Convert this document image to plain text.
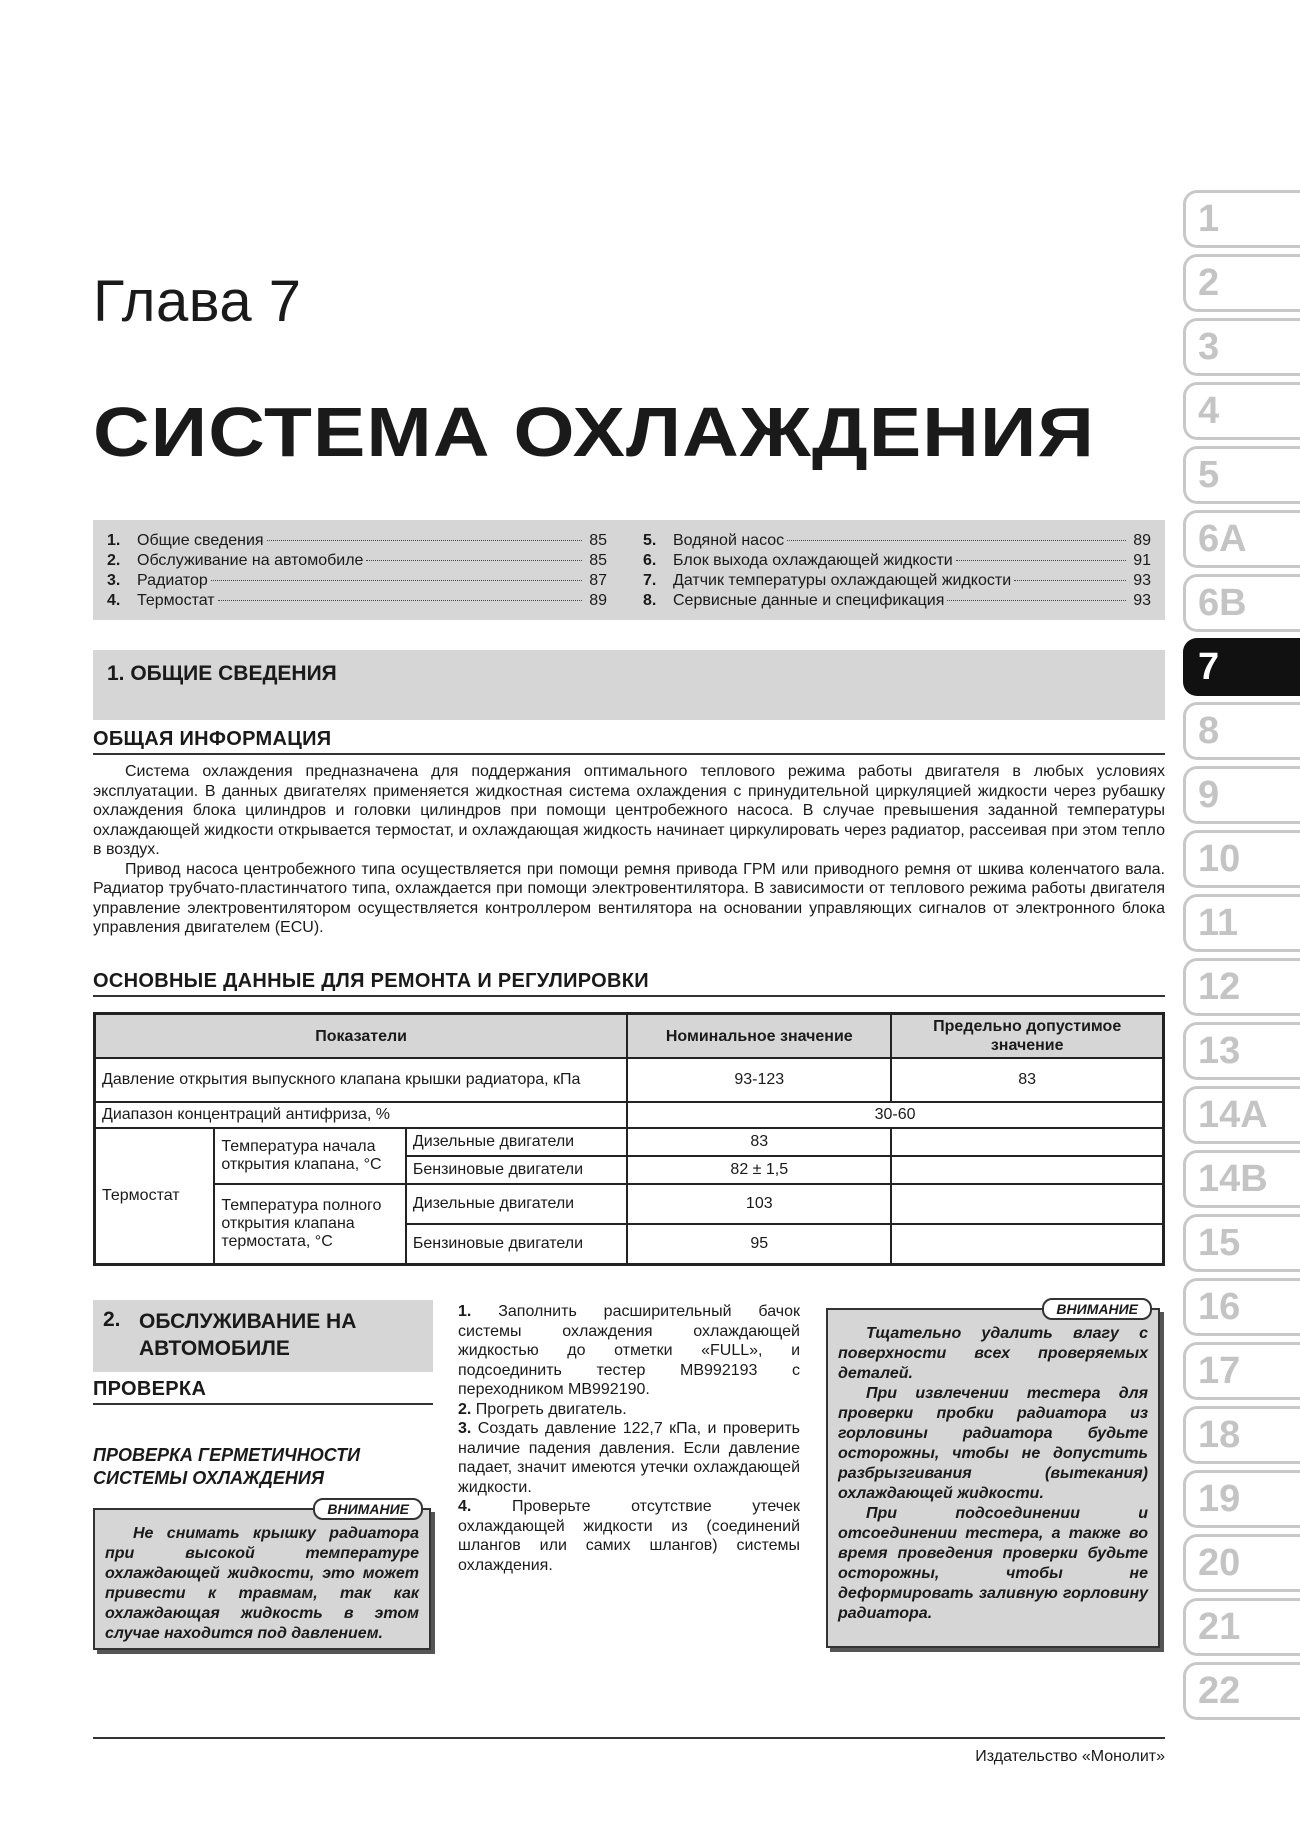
Глава 7
СИСТЕМА ОХЛАЖДЕНИЯ
1.	Общие сведения	85
2.	Обслуживание на автомобиле	85
3.	Радиатор	87
4.	Термостат	89
5.	Водяной насос	89
6.	Блок выхода охлаждающей жидкости	91
7.	Датчик температуры охлаждающей жидкости	93
8.	Сервисные данные и спецификация	93
1. ОБЩИЕ СВЕДЕНИЯ
ОБЩАЯ ИНФОРМАЦИЯ

Система охлаждения предназначена для поддержания оптимального теплового режима работы двигателя в любых условиях эксплуатации. В данных двигателях применяется жидкостная система охлаждения с принудительной циркуляцией жидкости через рубашку охлаждения блока цилиндров и головки цилиндров при помощи центробежного насоса. В случае превышения заданной температуры охлаждающей жидкости открывается термостат, и охлаждающая жидкость начинает циркулировать через радиатор, рассеивая при этом тепло в воздух.

Привод насоса центробежного типа осуществляется при помощи ремня привода ГРМ или приводного ремня от шкива коленчатого вала. Радиатор трубчато-пластинчатого типа, охлаждается при помощи электровентилятора. В зависимости от теплового режима работы двигателя управление электровентилятором осуществляется контроллером вентилятора на основании управляющих сигналов от электронного блока управления двигателем (ECU).

ОСНОВНЫЕ ДАННЫЕ ДЛЯ РЕМОНТА И РЕГУЛИРОВКИ
Показатели			Номинальное значение	Предельно допустимое значение
Давление открытия выпускного клапана крышки радиатора, кПа			93-123	83
Диапазон концентраций антифриза, %			30-60	
Термостат	Температура начала открытия клапана, °С	Дизельные двигатели	83	
		Бензиновые двигатели	82 ± 1,5	
	Температура полного открытия клапана термостата, °С	Дизельные двигатели	103	
		Бензиновые двигатели	95	
2. ОБСЛУЖИВАНИЕ НА АВТОМОБИЛЕ
ПРОВЕРКА
ПРОВЕРКА ГЕРМЕТИЧНОСТИ СИСТЕМЫ ОХЛАЖДЕНИЯ
ВНИМАНИЕ

Не снимать крышку радиатора при высокой температуре охлаждающей жидкости, это может привести к травмам, так как охлаждающая жидкость в этом случае находится под давлением.

1. Заполнить расширительный бачок системы охлаждения охлаждающей жидкостью до отметки «FULL», и подсоединить тестер MB992193 с переходником MB992190.
2. Прогреть двигатель.
3. Создать давление 122,7 кПа, и проверить наличие падения давления. Если давление падает, значит имеются утечки охлаждающей жидкости.
4.	Проверьте отсутствие утечек охлаждающей жидкости из (соединений шлангов или самих шлангов) системы охлаждения.
ВНИМАНИЕ

Тщательно удалить влагу с поверхности всех проверяемых деталей.

При извлечении тестера для проверки пробки радиатора из горловины радиатора будьте осторожны, чтобы не допустить разбрызгивания (вытекания) охлаждающей жидкости.

При подсоединении и отсоединении тестера, а также во время проведения проверки будьте осторожны, чтобы не деформировать заливную горловину радиатора.

1
2
3
4
5
6A
6B
7
8
9
10
11
12
13
14A
14B
15
16
17
18
19
20
21
22
Издательство «Монолит»
